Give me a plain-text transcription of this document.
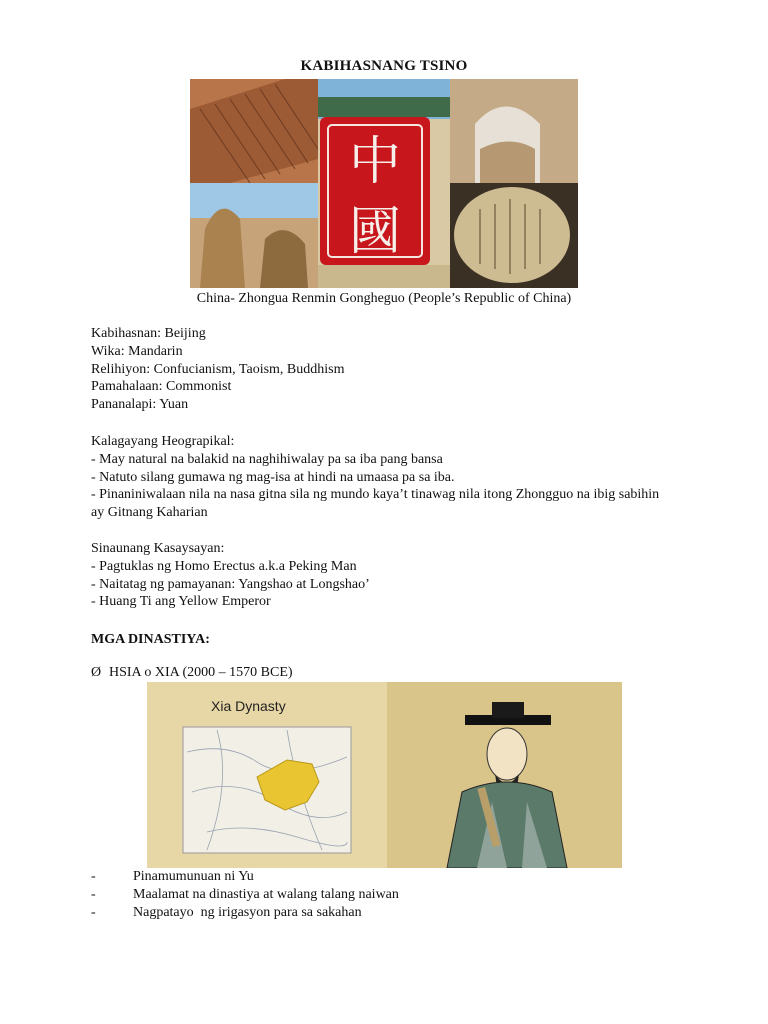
KABIHASNANG TSINO
中
國
China- Zhongua Renmin Gongheguo (People’s Republic of China)
Kabihasnan: Beijing
Wika: Mandarin
Relihiyon: Confucianism, Taoism, Buddhism
Pamahalaan: Commonist
Pananalapi: Yuan
Kalagayang Heograpikal:
- May natural na balakid na naghihiwalay pa sa iba pang bansa
- Natuto silang gumawa ng mag-isa at hindi na umaasa pa sa iba.
- Pinaniniwalaan nila na nasa gitna sila ng mundo kaya’t tinawag nila itong Zhongguo na ibig sabihin ay Gitnang Kaharian
Sinaunang Kasaysayan:
- Pagtuklas ng Homo Erectus a.k.a Peking Man
- Naitatag ng pamayanan: Yangshao at Longshao’
- Huang Ti ang Yellow Emperor
MGA DINASTIYA:
Ø HSIA o XIA (2000 – 1570 BCE)
Xia Dynasty
-	Pinamumunuan ni Yu
-	Maalamat na dinastiya at walang talang naiwan
-	Nagpatayo  ng irigasyon para sa sakahan
